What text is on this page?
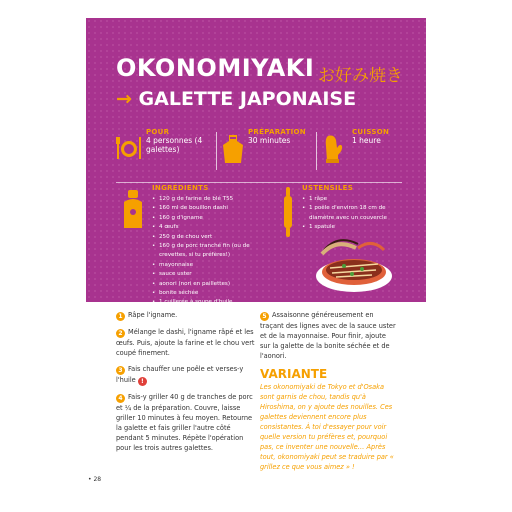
OKONOMIYAKI お好み焼き
→ GALETTE JAPONAISE
POUR
4 personnes (4 galettes)
PRÉPARATION
30 minutes
CUISSON
1 heure
INGRÉDIENTS
• 120 g de farine de blé T55
• 160 ml de bouillon dashi
• 160 g d'igname
• 4 œufs
• 250 g de chou vert
• 160 g de porc tranché fin (ou de crevettes, si tu préfères!)
• mayonnaise
• sauce uster
• aonori (nori en paillettes)
• bonite séchée
• 1 cuillerée à soupe d'huile
USTENSILES
• 1 râpe
• 1 poêle d'environ 18 cm de diamètre avec un couvercle
• 1 spatule
1 Râpe l'igname.
2 Mélange le dashi, l'igname râpé et les œufs. Puis, ajoute la farine et le chou vert coupé finement.
3 Fais chauffer une poêle et verses-y l'huile !
4 Fais-y griller 40 g de tranches de porc et ¼ de la préparation. Couvre, laisse griller 10 minutes à feu moyen. Retourne la galette et fais griller l'autre côté pendant 5 minutes. Répète l'opération pour les trois autres galettes.
5 Assaisonne généreusement en traçant des lignes avec de la sauce uster et de la mayonnaise. Pour finir, ajoute sur la galette de la bonite séchée et de l'aonori.
VARIANTE
Les okonomiyaki de Tokyo et d'Osaka sont garnis de chou, tandis qu'à Hiroshima, on y ajoute des nouilles. Ces galettes deviennent encore plus consistantes. À toi d'essayer pour voir quelle version tu préfères et, pourquoi pas, ce inventer une nouvelle… Après tout, okonomiyaki peut se traduire par « grillez ce que vous aimez » !
• 28
